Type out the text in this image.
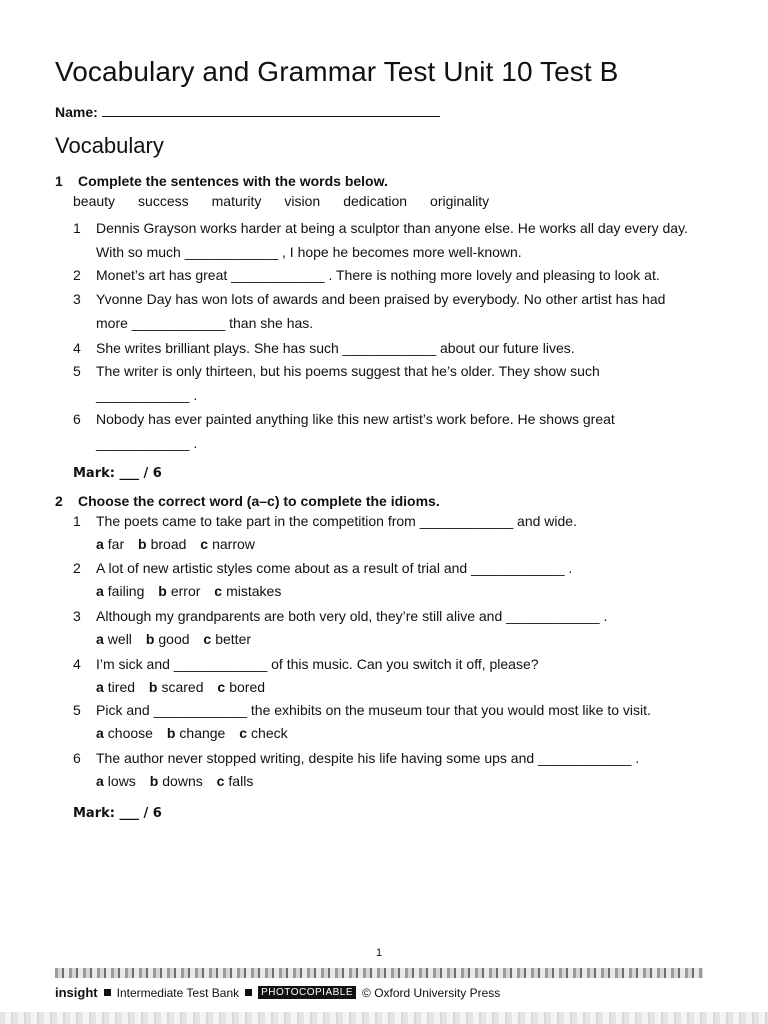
Vocabulary and Grammar Test Unit 10 Test B
Name:
Vocabulary
1 Complete the sentences with the words below.
beauty success maturity vision dedication originality
1 Dennis Grayson works harder at being a sculptor than anyone else. He works all day every day.
With so much ____________ , I hope he becomes more well-known.
2 Monet’s art has great ____________ . There is nothing more lovely and pleasing to look at.
3 Yvonne Day has won lots of awards and been praised by everybody. No other artist has had
more ____________ than she has.
4 She writes brilliant plays. She has such ____________ about our future lives.
5 The writer is only thirteen, but his poems suggest that he’s older. They show such
____________ .
6 Nobody has ever painted anything like this new artist’s work before. He shows great
____________ .
Mark: ___ / 6
2 Choose the correct word (a–c) to complete the idioms.
1 The poets came to take part in the competition from ____________ and wide.
a far b broad c narrow
2 A lot of new artistic styles come about as a result of trial and ____________ .
a failing b error c mistakes
3 Although my grandparents are both very old, they’re still alive and ____________ .
a well b good c better
4 I’m sick and ____________ of this music. Can you switch it off, please?
a tired b scared c bored
5 Pick and ____________ the exhibits on the museum tour that you would most like to visit.
a choose b change c check
6 The author never stopped writing, despite his life having some ups and ____________ .
a lows b downs c falls
Mark: ___ / 6
1
insight Intermediate Test Bank	PHOTOCOPIABLE © Oxford University Press
